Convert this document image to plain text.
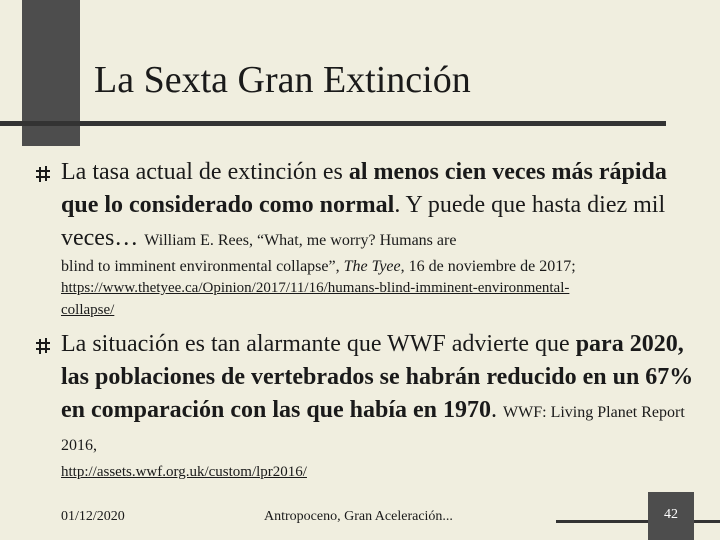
La Sexta Gran Extinción
La tasa actual de extinción es al menos cien veces más rápida que lo considerado como normal. Y puede que hasta diez mil veces… William E. Rees, “What, me worry? Humans are
blind to imminent environmental collapse”, The Tyee, 16 de noviembre de 2017;
https://www.thetyee.ca/Opinion/2017/11/16/humans-blind-imminent-environmental-
collapse/
La situación es tan alarmante que WWF advierte que para 2020, las poblaciones de vertebrados se habrán reducido en un 67% en comparación con las que había en 1970. WWF: Living Planet Report 2016,
http://assets.wwf.org.uk/custom/lpr2016/
01/12/2020	Antropoceno, Gran Aceleración...	42
